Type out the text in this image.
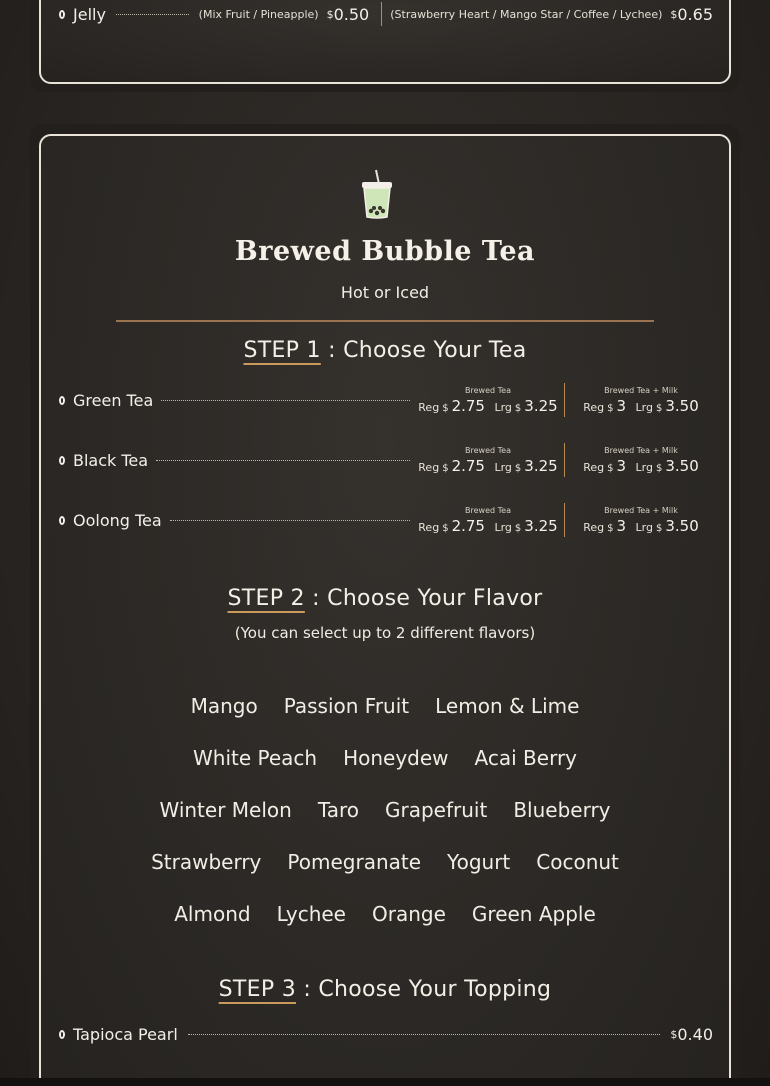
Jelly	(Mix Fruit / Pineapple) $0.50 (Strawberry Heart / Mango Star / Coffee / Lychee) $0.65
Brewed Bubble Tea
Hot or Iced
STEP 1 : Choose Your Tea
Green Tea
Brewed Tea
Reg $ 2.75
Lrg $ 3.25
Brewed Tea + Milk
Reg $ 3
Lrg $ 3.50
Black Tea
Brewed Tea
Reg $ 2.75
Lrg $ 3.25
Brewed Tea + Milk
Reg $ 3
Lrg $ 3.50
Oolong Tea
Brewed Tea
Reg $ 2.75
Lrg $ 3.25
Brewed Tea + Milk
Reg $ 3
Lrg $ 3.50
STEP 2 : Choose Your Flavor
(You can select up to 2 different flavors)
Mango Passion Fruit Lemon & Lime
White Peach Honeydew Acai Berry
Winter Melon Taro Grapefruit Blueberry
Strawberry Pomegranate Yogurt Coconut
Almond Lychee Orange Green Apple
STEP 3 : Choose Your Topping
Tapioca Pearl	$0.40
